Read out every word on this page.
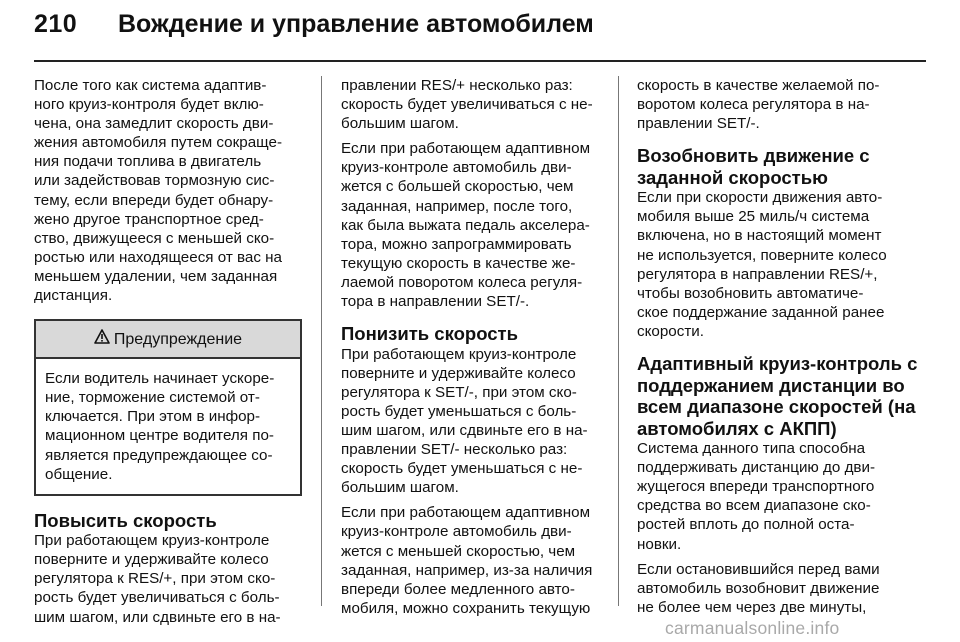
210 Вождение и управление автомобилем
После того как система адаптив-
ного круиз-контроля будет вклю-
чена, она замедлит скорость дви-
жения автомобиля путем сокраще-
ния подачи топлива в двигатель
или задействовав тормозную сис-
тему, если впереди будет обнару-
жено другое транспортное сред-
ство, движущееся с меньшей ско-
ростью или находящееся от вас на
меньшем удалении, чем заданная
дистанция.
Предупреждение
Если водитель начинает ускоре-
ние, торможение системой от-
ключается. При этом в инфор-
мационном центре водителя по-
является предупреждающее со-
общение.
Повысить скорость
При работающем круиз-контроле
поверните и удерживайте колесо
регулятора к RES/+, при этом ско-
рость будет увеличиваться с боль-
шим шагом, или сдвиньте его в на-
правлении RES/+ несколько раз:
скорость будет увеличиваться с не-
большим шагом.
Если при работающем адаптивном
круиз-контроле автомобиль дви-
жется с большей скоростью, чем
заданная, например, после того,
как была выжата педаль акселера-
тора, можно запрограммировать
текущую скорость в качестве же-
лаемой поворотом колеса регуля-
тора в направлении SET/-.
Понизить скорость
При работающем круиз-контроле
поверните и удерживайте колесо
регулятора к SET/-, при этом ско-
рость будет уменьшаться с боль-
шим шагом, или сдвиньте его в на-
правлении SET/- несколько раз:
скорость будет уменьшаться с не-
большим шагом.
Если при работающем адаптивном
круиз-контроле автомобиль дви-
жется с меньшей скоростью, чем
заданная, например, из-за наличия
впереди более медленного авто-
мобиля, можно сохранить текущую
скорость в качестве желаемой по-
воротом колеса регулятора в на-
правлении SET/-.
Возобновить движение с
заданной скоростью
Если при скорости движения авто-
мобиля выше 25 миль/ч система
включена, но в настоящий момент
не используется, поверните колесо
регулятора в направлении RES/+,
чтобы возобновить автоматиче-
ское поддержание заданной ранее
скорости.
Адаптивный круиз-контроль с
поддержанием дистанции во
всем диапазоне скоростей (на
автомобилях с АКПП)
Система данного типа способна
поддерживать дистанцию до дви-
жущегося впереди транспортного
средства во всем диапазоне ско-
ростей вплоть до полной оста-
новки.
Если остановившийся перед вами
автомобиль возобновит движение
не более чем через две минуты,
carmanualsonline.info
